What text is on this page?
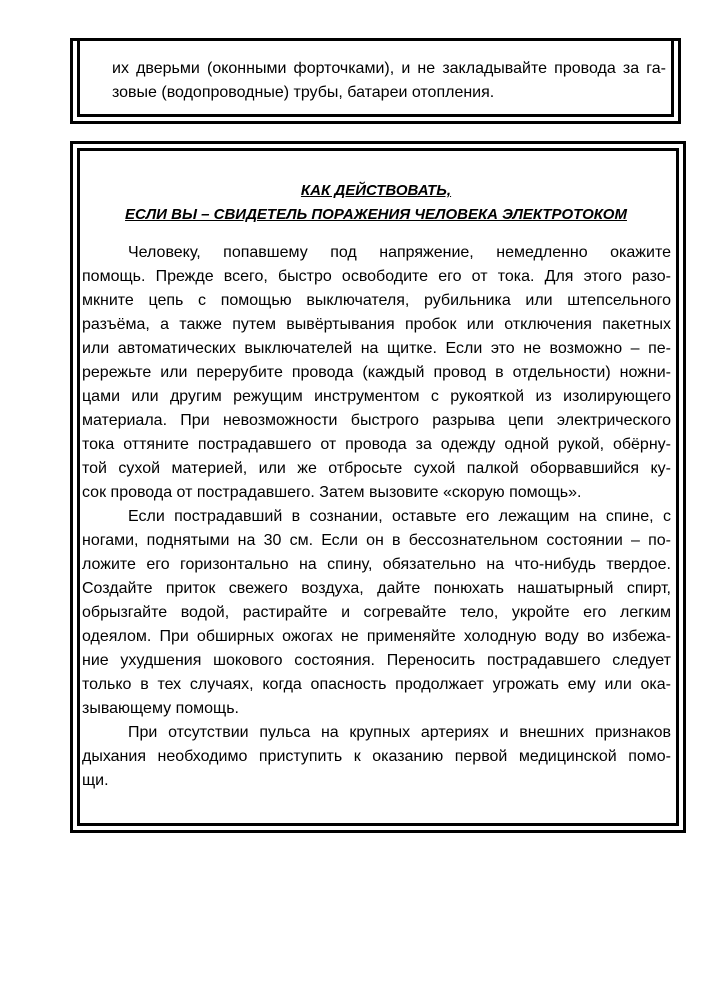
их дверьми (оконными форточками), и не закладывайте провода за га-
зовые (водопроводные) трубы, батареи отопления.

КАК ДЕЙСТВОВАТЬ,
ЕСЛИ ВЫ – СВИДЕТЕЛЬ ПОРАЖЕНИЯ ЧЕЛОВЕКА ЭЛЕКТРОТОКОМ
Человеку, попавшему под напряжение, немедленно окажите
помощь. Прежде всего, быстро освободите его от тока. Для этого разо-
мкните цепь с помощью выключателя, рубильника или штепсельного
разъёма, а также путем вывёртывания пробок или отключения пакетных
или автоматических выключателей на щитке. Если это не возможно – пе-
рережьте или перерубите провода (каждый провод в отдельности) ножни-
цами или другим режущим инструментом с рукояткой из изолирующего
материала. При невозможности быстрого разрыва цепи электрического
тока оттяните пострадавшего от провода за одежду одной рукой, обёрну-
той сухой материей, или же отбросьте сухой палкой оборвавшийся ку-
сок провода от пострадавшего. Затем вызовите «скорую помощь».
Если пострадавший в сознании, оставьте его лежащим на спине, с
ногами, поднятыми на 30 см. Если он в бессознательном состоянии – по-
ложите его горизонтально на спину, обязательно на что-нибудь твердое.
Создайте приток свежего воздуха, дайте понюхать нашатырный спирт,
обрызгайте водой, растирайте и согревайте тело, укройте его легким
одеялом. При обширных ожогах не применяйте холодную воду во избежа-
ние ухудшения шокового состояния. Переносить пострадавшего следует
только в тех случаях, когда опасность продолжает угрожать ему или ока-
зывающему помощь.
При отсутствии пульса на крупных артериях и внешних признаков
дыхания необходимо приступить к оказанию первой медицинской помо-
щи.
